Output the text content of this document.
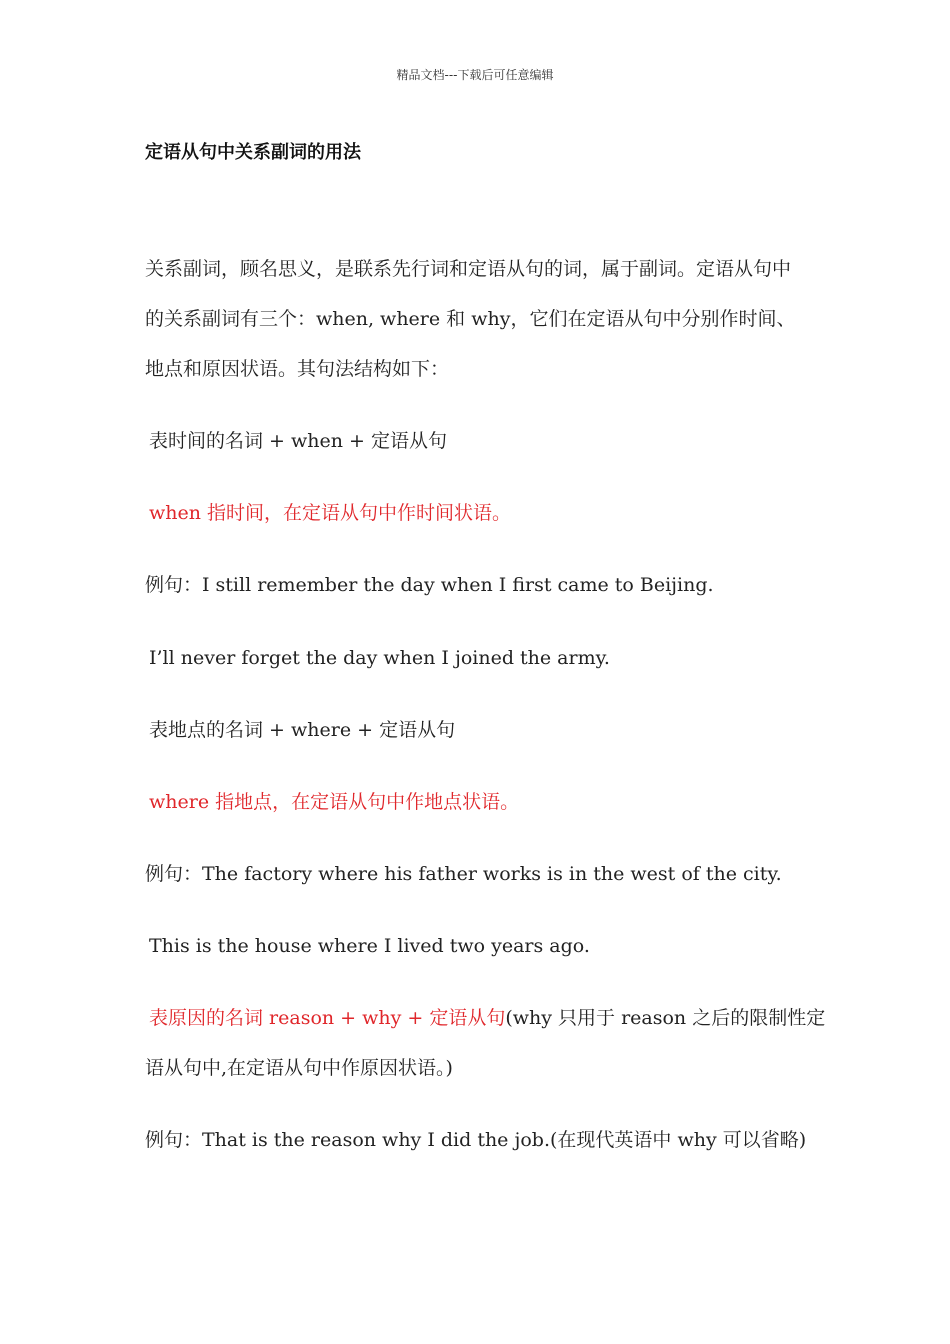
精品文档---下载后可任意编辑
定语从句中关系副词的用法
关系副词，顾名思义，是联系先行词和定语从句的词，属于副词。定语从句中
的关系副词有三个：when, where 和 why，它们在定语从句中分别作时间、
地点和原因状语。其句法结构如下：
表时间的名词 + when + 定语从句
when 指时间，在定语从句中作时间状语。
例句：I still remember the day when I first came to Beijing.
I’ll never forget the day when I joined the army.
表地点的名词 + where + 定语从句
where 指地点，在定语从句中作地点状语。
例句：The factory where his father works is in the west of the city.
This is the house where I lived two years ago.
表原因的名词 reason + why + 定语从句(why 只用于 reason 之后的限制性定
语从句中,在定语从句中作原因状语。)
例句：That is the reason why I did the job.(在现代英语中 why 可以省略)
